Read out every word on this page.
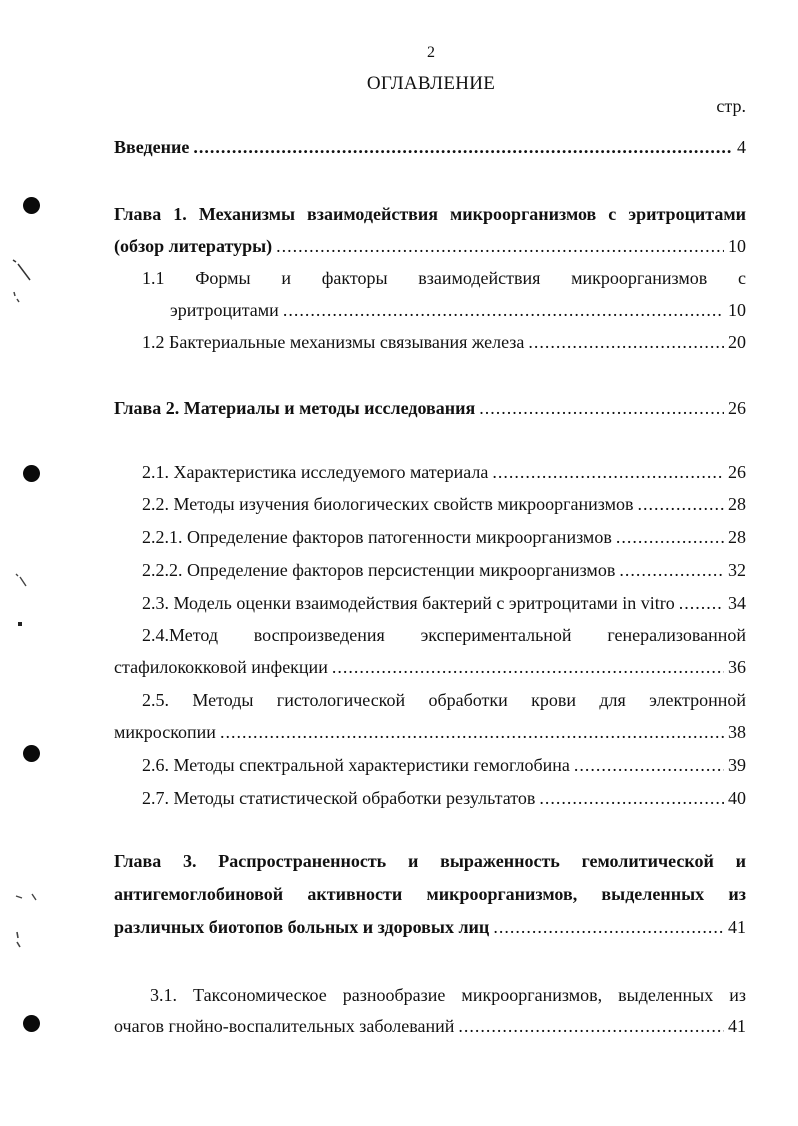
2
ОГЛАВЛЕНИЕ
стр.
Введение .....	4
Глава 1. Механизмы взаимодействия микроорганизмов с эритроцитами
(обзор литературы) .....	10
1.1 Формы и факторы взаимодействия микроорганизмов с
эритроцитами .....	10
1.2 Бактериальные механизмы связывания железа .....	20
Глава 2. Материалы и методы исследования .....	26
2.1. Характеристика исследуемого материала .....	26
2.2. Методы изучения биологических свойств микроорганизмов .....	28
2.2.1. Определение факторов патогенности микроорганизмов .....	28
2.2.2. Определение факторов персистенции микроорганизмов .....	32
2.3. Модель оценки взаимодействия бактерий с эритроцитами in vitro .....	34
2.4.Метод воспроизведения экспериментальной генерализованной
стафилококковой инфекции .....	36
2.5. Методы гистологической обработки крови для электронной
микроскопии .....	38
2.6. Методы спектральной характеристики гемоглобина .....	39
2.7. Методы статистической обработки результатов .....	40
Глава 3. Распространенность и выраженность гемолитической и
антигемоглобиновой активности микроорганизмов, выделенных из
различных биотопов больных и здоровых лиц .....	41
3.1. Таксономическое разнообразие микроорганизмов, выделенных из
очагов гнойно-воспалительных заболеваний .....	41
